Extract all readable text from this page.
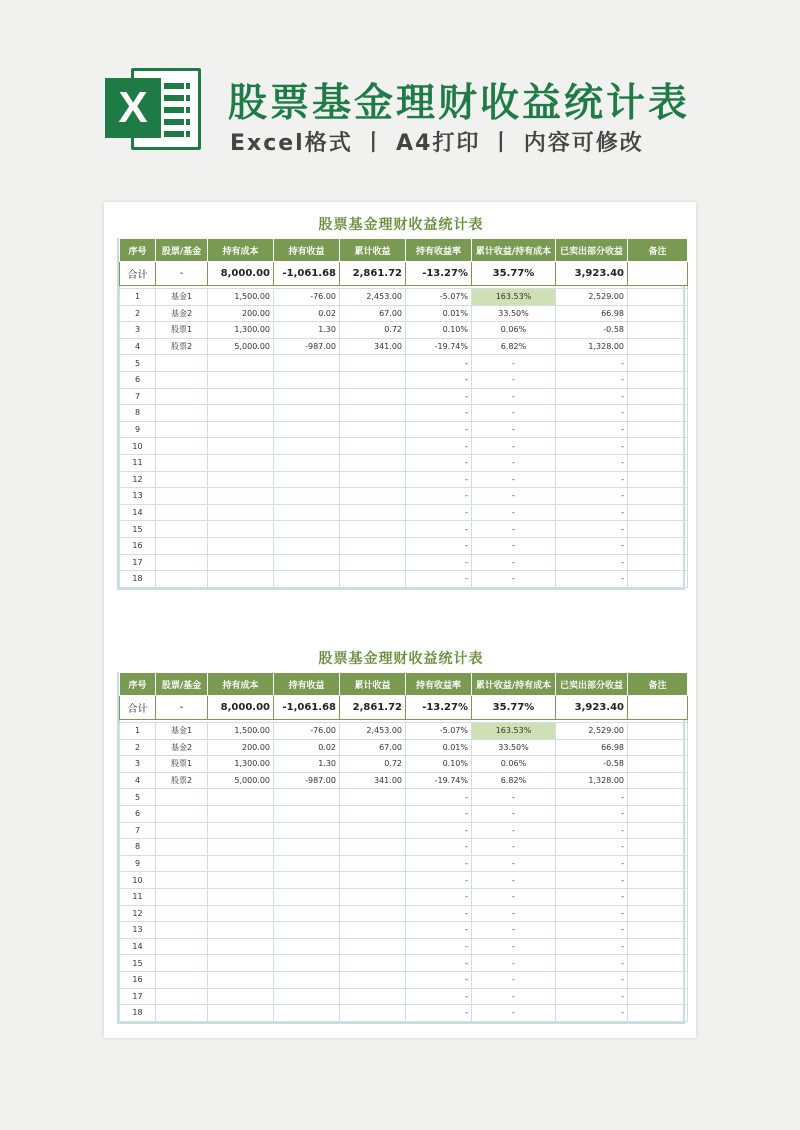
X	股票基金理财收益统计表
Excel格式 丨 A4打印 丨 内容可修改
股票基金理财收益统计表
序号	股票/基金	持有成本	持有收益	累计收益	持有收益率	累计收益/持有成本	已卖出部分收益	备注
合计	-	8,000.00	-1,061.68	2,861.72	-13.27%	35.77%	3,923.40	

1	基金1	1,500.00	-76.00	2,453.00	-5.07%	163.53%	2,529.00	
2	基金2	200.00	0.02	67.00	0.01%	33.50%	66.98	
3	股票1	1,300.00	1.30	0.72	0.10%	0.06%	-0.58	
4	股票2	5,000.00	-987.00	341.00	-19.74%	6.82%	1,328.00	
5					-	-	-	
6					-	-	-	
7					-	-	-	
8					-	-	-	
9					-	-	-	
10					-	-	-	
11					-	-	-	
12					-	-	-	
13					-	-	-	
14					-	-	-	
15					-	-	-	
16					-	-	-	
17					-	-	-	
18					-	-	-	
股票基金理财收益统计表
序号	股票/基金	持有成本	持有收益	累计收益	持有收益率	累计收益/持有成本	已卖出部分收益	备注
合计	-	8,000.00	-1,061.68	2,861.72	-13.27%	35.77%	3,923.40	

1	基金1	1,500.00	-76.00	2,453.00	-5.07%	163.53%	2,529.00	
2	基金2	200.00	0.02	67.00	0.01%	33.50%	66.98	
3	股票1	1,300.00	1.30	0.72	0.10%	0.06%	-0.58	
4	股票2	5,000.00	-987.00	341.00	-19.74%	6.82%	1,328.00	
5					-	-	-	
6					-	-	-	
7					-	-	-	
8					-	-	-	
9					-	-	-	
10					-	-	-	
11					-	-	-	
12					-	-	-	
13					-	-	-	
14					-	-	-	
15					-	-	-	
16					-	-	-	
17					-	-	-	
18					-	-	-	
